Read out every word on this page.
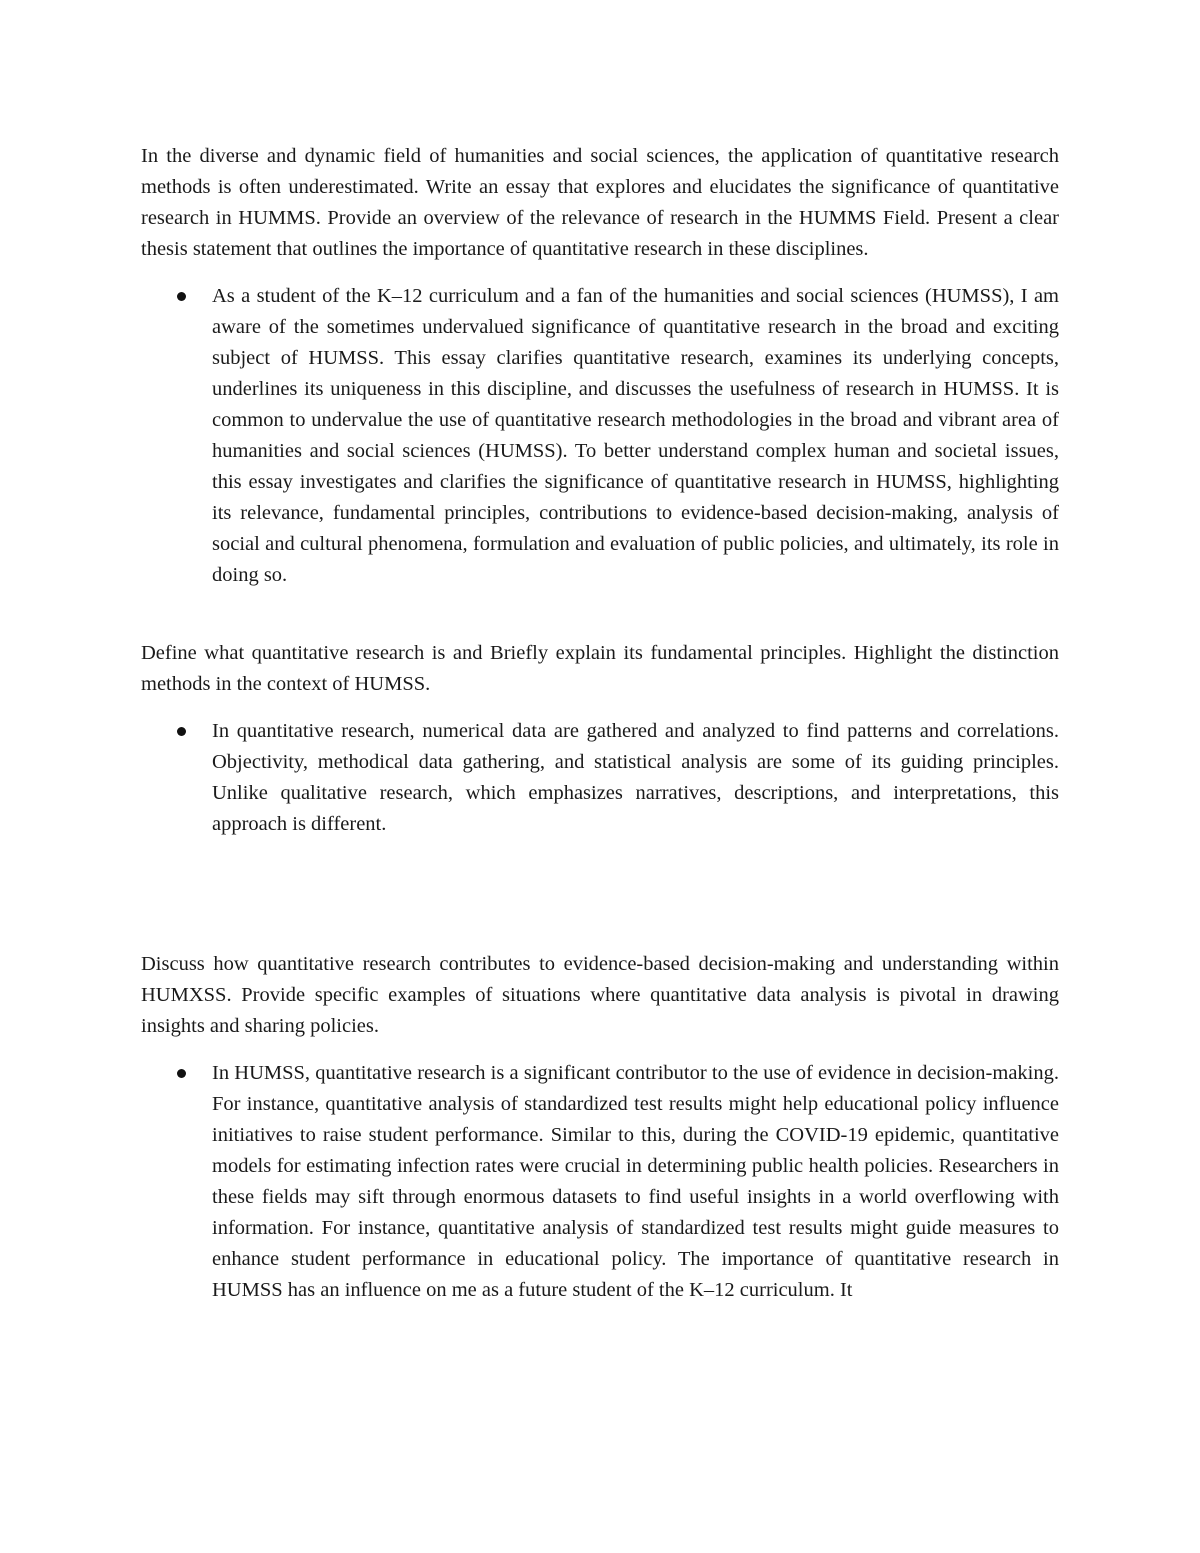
In the diverse and dynamic field of humanities and social sciences, the application of quantitative research methods is often underestimated. Write an essay that explores and elucidates the significance of quantitative research in HUMMS. Provide an overview of the relevance of research in the HUMMS Field. Present a clear thesis statement that outlines the importance of quantitative research in these disciplines.

As a student of the K–12 curriculum and a fan of the humanities and social sciences (HUMSS), I am aware of the sometimes undervalued significance of quantitative research in the broad and exciting subject of HUMSS. This essay clarifies quantitative research, examines its underlying concepts, underlines its uniqueness in this discipline, and discusses the usefulness of research in HUMSS. It is common to undervalue the use of quantitative research methodologies in the broad and vibrant area of humanities and social sciences (HUMSS). To better understand complex human and societal issues, this essay investigates and clarifies the significance of quantitative research in HUMSS, highlighting its relevance, fundamental principles, contributions to evidence-based decision-making, analysis of social and cultural phenomena, formulation and evaluation of public policies, and ultimately, its role in doing so.

Define what quantitative research is and Briefly explain its fundamental principles. Highlight the distinction methods in the context of HUMSS.

In quantitative research, numerical data are gathered and analyzed to find patterns and correlations. Objectivity, methodical data gathering, and statistical analysis are some of its guiding principles. Unlike qualitative research, which emphasizes narratives, descriptions, and interpretations, this approach is different.

Discuss how quantitative research contributes to evidence-based decision-making and understanding within HUMXSS. Provide specific examples of situations where quantitative data analysis is pivotal in drawing insights and sharing policies.

In HUMSS, quantitative research is a significant contributor to the use of evidence in decision-making. For instance, quantitative analysis of standardized test results might help educational policy influence initiatives to raise student performance. Similar to this, during the COVID-19 epidemic, quantitative models for estimating infection rates were crucial in determining public health policies. Researchers in these fields may sift through enormous datasets to find useful insights in a world overflowing with information. For instance, quantitative analysis of standardized test results might guide measures to enhance student performance in educational policy. The importance of quantitative research in HUMSS has an influence on me as a future student of the K–12 curriculum. It
